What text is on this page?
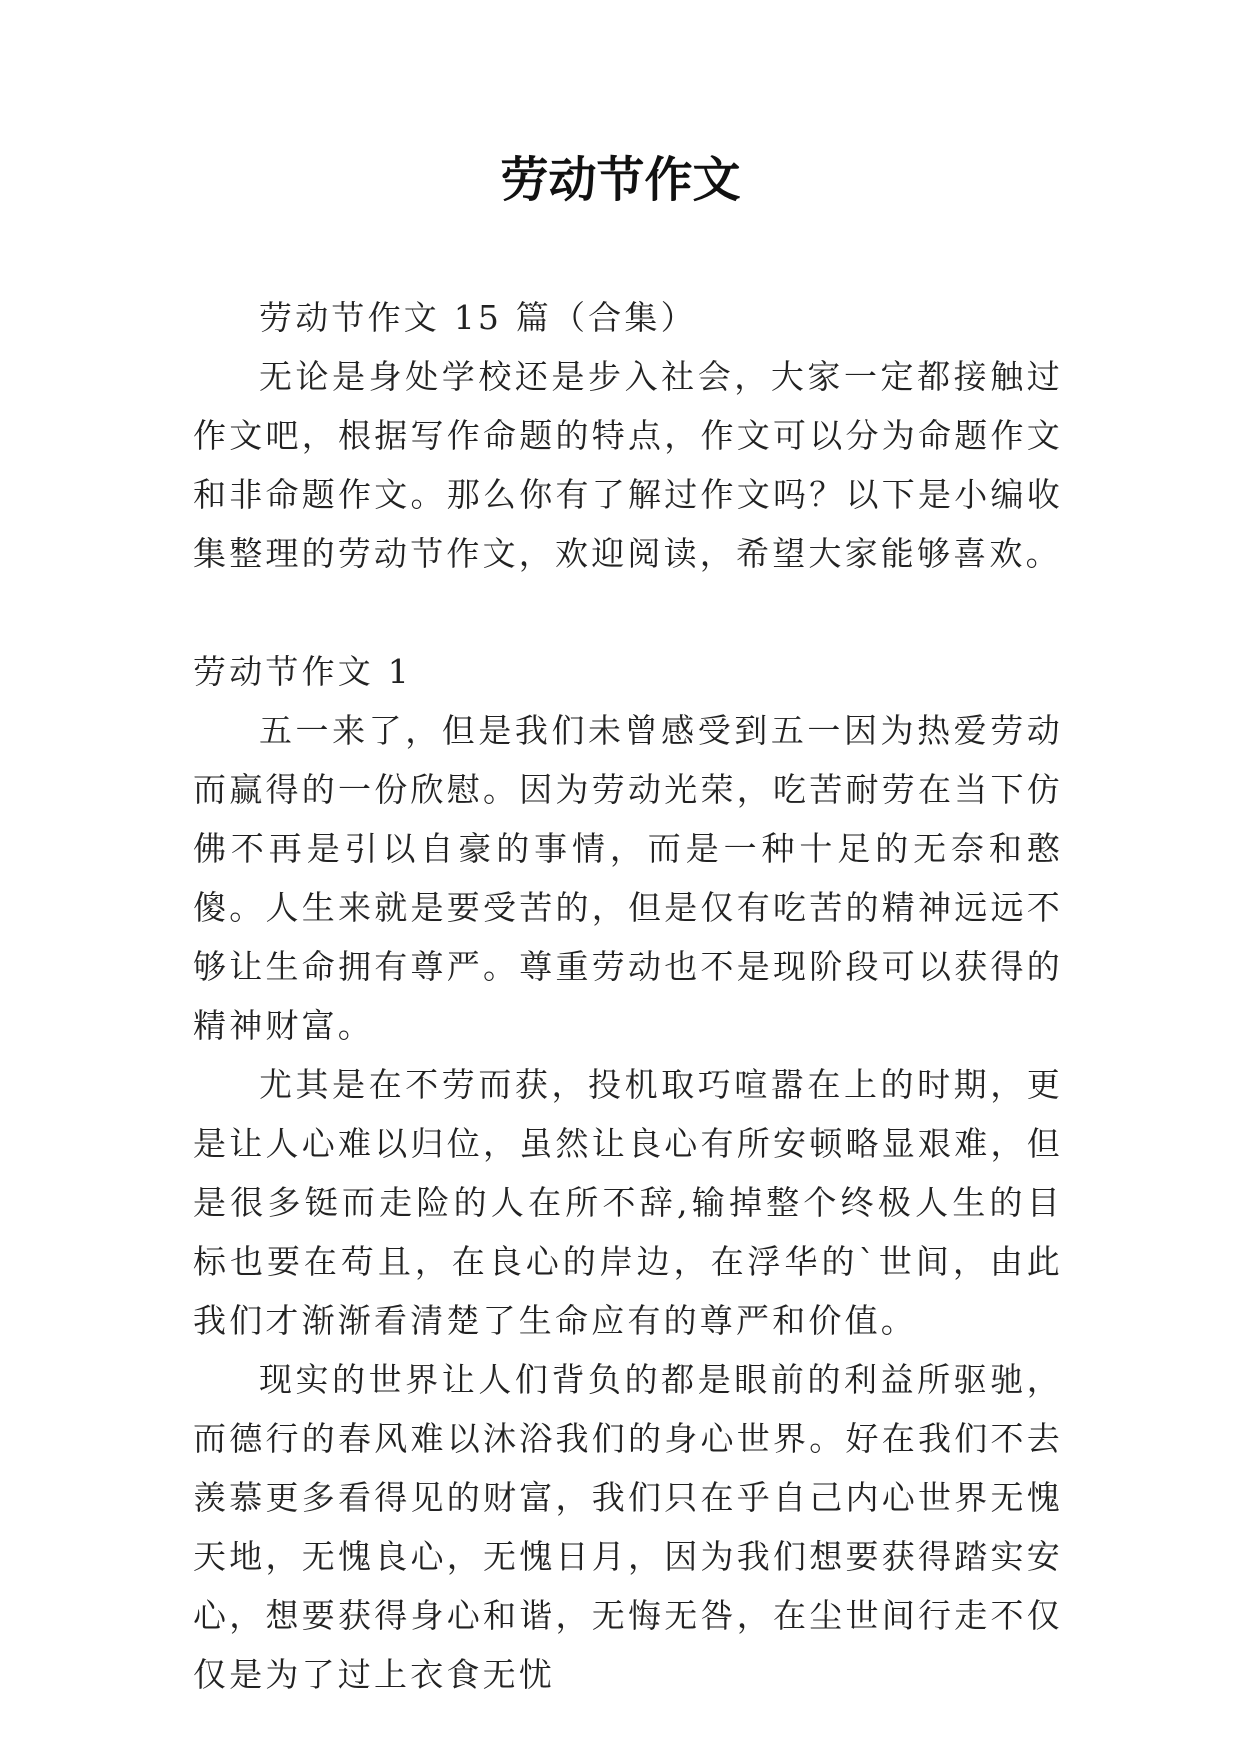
劳动节作文

劳动节作文 15 篇（合集）

无论是身处学校还是步入社会，大家一定都接触过作文吧，根据写作命题的特点，作文可以分为命题作文和非命题作文。那么你有了解过作文吗？以下是小编收集整理的劳动节作文，欢迎阅读，希望大家能够喜欢。

劳动节作文 1

五一来了，但是我们未曾感受到五一因为热爱劳动而赢得的一份欣慰。因为劳动光荣，吃苦耐劳在当下仿佛不再是引以自豪的事情，而是一种十足的无奈和憨傻。人生来就是要受苦的，但是仅有吃苦的精神远远不够让生命拥有尊严。尊重劳动也不是现阶段可以获得的精神财富。

尤其是在不劳而获，投机取巧喧嚣在上的时期，更是让人心难以归位，虽然让良心有所安顿略显艰难，但是很多铤而走险的人在所不辞,输掉整个终极人生的目标也要在苟且，在良心的岸边，在浮华的`世间，由此我们才渐渐看清楚了生命应有的尊严和价值。

现实的世界让人们背负的都是眼前的利益所驱驰，而德行的春风难以沐浴我们的身心世界。好在我们不去羡慕更多看得见的财富，我们只在乎自己内心世界无愧天地，无愧良心，无愧日月，因为我们想要获得踏实安心，想要获得身心和谐，无悔无咎，在尘世间行走不仅仅是为了过上衣食无忧
